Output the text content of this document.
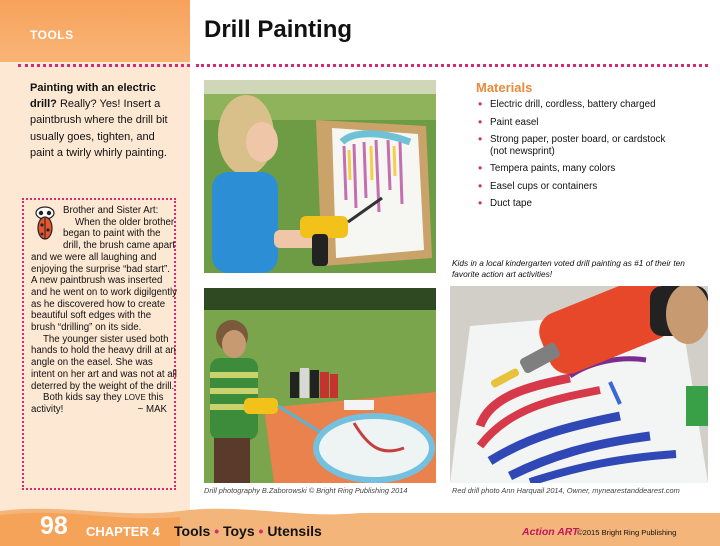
TOOLS	Drill Painting
Painting with an electric drill? Really? Yes! Insert a paintbrush where the drill bit usually goes, tighten, and paint a twirly whirly painting.
Brother and Sister Art:
When the older brother began to paint with the drill, the brush came apart and we were all laughing and enjoying the surprise “bad start”. A new paintbrush was inserted and he went on to work digilgently as he discovered how to create beautiful soft edges with the brush “drilling” on its side.
The younger sister used both hands to hold the heavy drill at an angle on the easel. She was intent on her art and was not at all deterred by the weight of the drill.
Both kids say they LOVE this activity!	~ MAK
Materials
• Electric drill, cordless, battery charged
• Paint easel
• Strong paper, poster board, or cardstock (not newsprint)
• Tempera paints, many colors
• Easel cups or containers
• Duct tape
Kids in a local kindergarten voted drill painting as #1 of their ten favorite action art activities!
Drill photography B.Zaborowski © Bright Ring Publishing 2014	Red drill photo Ann Harquail 2014, Owner, mynearestanddearest.com
98 CHAPTER 4 Tools • Toys • Utensils	Action ART
©2015 Bright Ring Publishing
